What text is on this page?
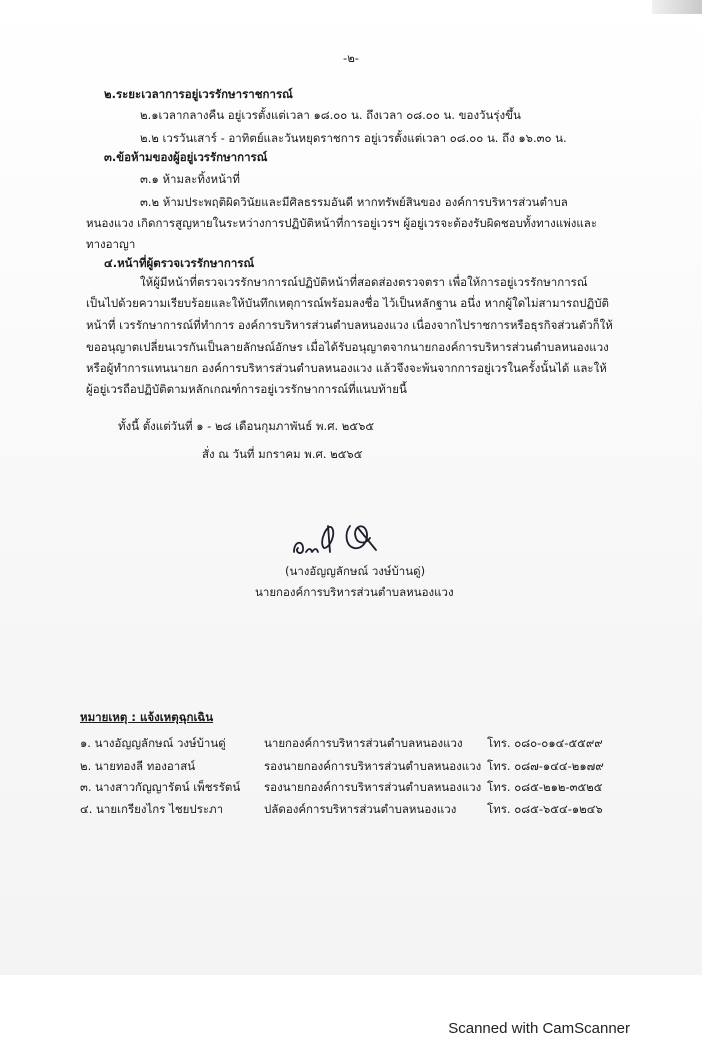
-๒-
๒.ระยะเวลาการอยู่เวรรักษาราชการณ์
๒.๑เวลากลางคืน อยู่เวรตั้งแต่เวลา ๑๘.๐๐ น. ถึงเวลา ๐๘.๐๐ น. ของวันรุ่งขึ้น
๒.๒ เวรวันเสาร์ - อาทิตย์และวันหยุดราชการ อยู่เวรตั้งแต่เวลา ๐๘.๐๐ น. ถึง ๑๖.๓๐ น.
๓.ข้อห้ามของผู้อยู่เวรรักษาการณ์
๓.๑ ห้ามละทิ้งหน้าที่
๓.๒ ห้ามประพฤติผิดวินัยและมีศิลธรรมอันดี หากทรัพย์สินของ องค์การบริหารส่วนตำบล
หนองแวง เกิดการสูญหายในระหว่างการปฏิบัติหน้าที่การอยู่เวรฯ ผู้อยู่เวรจะต้องรับผิดชอบทั้งทางแพ่งและ
ทางอาญา
๔.หน้าที่ผู้ตรวจเวรรักษาการณ์
ให้ผู้มีหน้าที่ตรวจเวรรักษาการณ์ปฏิบัติหน้าที่สอดส่องตรวจตรา เพื่อให้การอยู่เวรรักษาการณ์
เป็นไปด้วยความเรียบร้อยและให้บันทึกเหตุการณ์พร้อมลงชื่อ ไว้เป็นหลักฐาน อนึ่ง หากผู้ใดไม่สามารถปฏิบัติ
หน้าที่ เวรรักษาการณ์ที่ทำการ องค์การบริหารส่วนตำบลหนองแวง เนื่องจากไปราชการหรือธุรกิจส่วนตัวก็ให้
ขออนุญาตเปลี่ยนเวรกันเป็นลายลักษณ์อักษร เมื่อได้รับอนุญาตจากนายกองค์การบริหารส่วนตำบลหนองแวง
หรือผู้ทำการแทนนายก องค์การบริหารส่วนตำบลหนองแวง แล้วจึงจะพ้นจากการอยู่เวรในครั้งนั้นได้ และให้
ผู้อยู่เวรถือปฏิบัติตามหลักเกณฑ์การอยู่เวรรักษาการณ์ที่แนบท้ายนี้
ทั้งนี้ ตั้งแต่วันที่ ๑ - ๒๘ เดือนกุมภาพันธ์ พ.ศ. ๒๕๖๕
สั่ง ณ วันที่ มกราคม พ.ศ. ๒๕๖๕
(นางอัญญลักษณ์ วงษ์บ้านดู่)
นายกองค์การบริหารส่วนตำบลหนองแวง
หมายเหตุ : แจ้งเหตุฉุกเฉิน
๑. นางอัญญลักษณ์ วงษ์บ้านดู่	นายกองค์การบริหารส่วนตำบลหนองแวง โทร. ๐๘๐-๐๑๔-๕๕๙๙
๒. นายทองลี ทองอาสน์	รองนายกองค์การบริหารส่วนตำบลหนองแวง โทร. ๐๘๗-๑๔๔-๒๑๗๙
๓. นางสาวกัญญารัตน์ เพ็ชรรัตน์ รองนายกองค์การบริหารส่วนตำบลหนองแวง โทร. ๐๘๕-๒๑๒-๓๕๒๕
๔. นายเกรียงไกร ไชยประภา	ปลัดองค์การบริหารส่วนตำบลหนองแวง	โทร. ๐๘๕-๖๕๔-๑๒๔๖
Scanned with CamScanner
